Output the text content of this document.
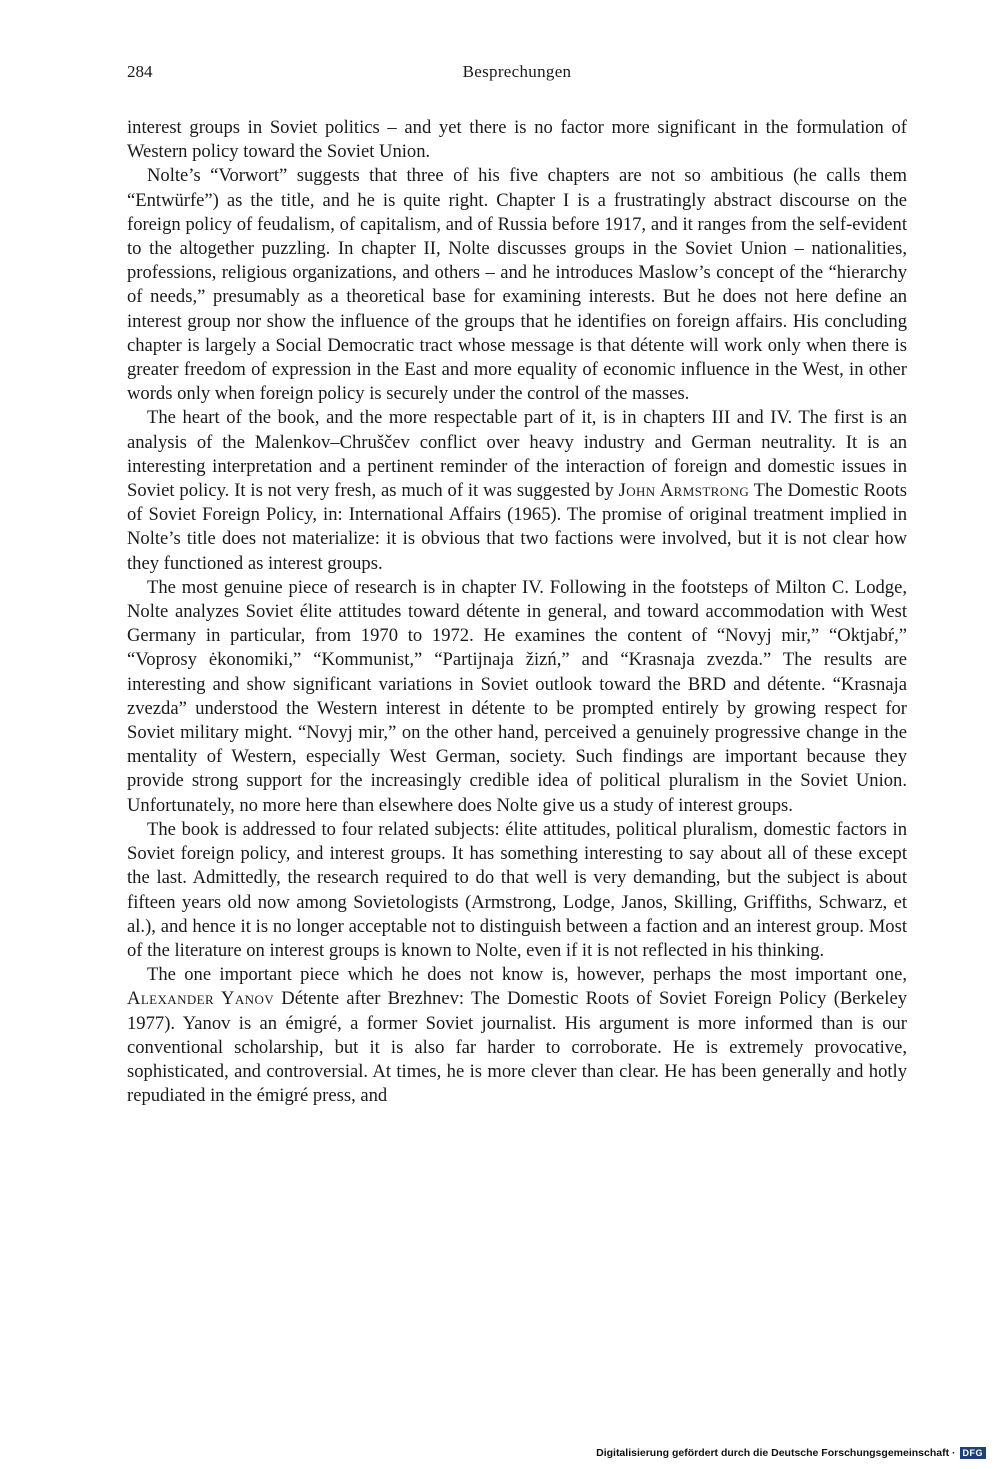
284	Besprechungen

interest groups in Soviet politics – and yet there is no factor more significant in the formulation of Western policy toward the Soviet Union.

Nolte’s “Vorwort” suggests that three of his five chapters are not so ambitious (he calls them “Entwürfe”) as the title, and he is quite right. Chapter I is a frustratingly abstract discourse on the foreign policy of feudalism, of capitalism, and of Russia before 1917, and it ranges from the self-evident to the altogether puzzling. In chapter II, Nolte discusses groups in the Soviet Union – nationalities, professions, religious organizations, and others – and he introduces Maslow’s concept of the “hierarchy of needs,” presumably as a theoretical base for examining interests. But he does not here define an interest group nor show the influence of the groups that he identifies on foreign affairs. His concluding chapter is largely a Social Democratic tract whose message is that détente will work only when there is greater freedom of expression in the East and more equality of economic influence in the West, in other words only when foreign policy is securely under the control of the masses.

The heart of the book, and the more respectable part of it, is in chapters III and IV. The first is an analysis of the Malenkov–Chruščev conflict over heavy industry and German neutrality. It is an interesting interpretation and a pertinent reminder of the interaction of foreign and domestic issues in Soviet policy. It is not very fresh, as much of it was suggested by John Armstrong The Domestic Roots of Soviet Foreign Policy, in: International Affairs (1965). The promise of original treatment implied in Nolte’s title does not materialize: it is obvious that two factions were involved, but it is not clear how they functioned as interest groups.

The most genuine piece of research is in chapter IV. Following in the footsteps of Milton C. Lodge, Nolte analyzes Soviet élite attitudes toward détente in general, and toward accommodation with West Germany in particular, from 1970 to 1972. He examines the content of “Novyj mir,” “Oktjabŕ,” “Voprosy ėkonomiki,” “Kommunist,” “Partijnaja žizń,” and “Krasnaja zvezda.” The results are interesting and show significant variations in Soviet outlook toward the BRD and détente. “Krasnaja zvezda” understood the Western interest in détente to be prompted entirely by growing respect for Soviet military might. “Novyj mir,” on the other hand, perceived a genuinely progressive change in the mentality of Western, especially West German, society. Such findings are important because they provide strong support for the increasingly credible idea of political pluralism in the Soviet Union. Unfortunately, no more here than elsewhere does Nolte give us a study of interest groups.

The book is addressed to four related subjects: élite attitudes, political pluralism, domestic factors in Soviet foreign policy, and interest groups. It has something interesting to say about all of these except the last. Admittedly, the research required to do that well is very demanding, but the subject is about fifteen years old now among Sovietologists (Armstrong, Lodge, Janos, Skilling, Griffiths, Schwarz, et al.), and hence it is no longer acceptable not to distinguish between a faction and an interest group. Most of the literature on interest groups is known to Nolte, even if it is not reflected in his thinking.

The one important piece which he does not know is, however, perhaps the most important one, Alexander Yanov Détente after Brezhnev: The Domestic Roots of Soviet Foreign Policy (Berkeley 1977). Yanov is an émigré, a former Soviet journalist. His argument is more informed than is our conventional scholarship, but it is also far harder to corroborate. He is extremely provocative, sophisticated, and controversial. At times, he is more clever than clear. He has been generally and hotly repudiated in the émigré press, and

Digitalisierung gefördert durch die Deutsche Forschungsgemeinschaft · DFG
